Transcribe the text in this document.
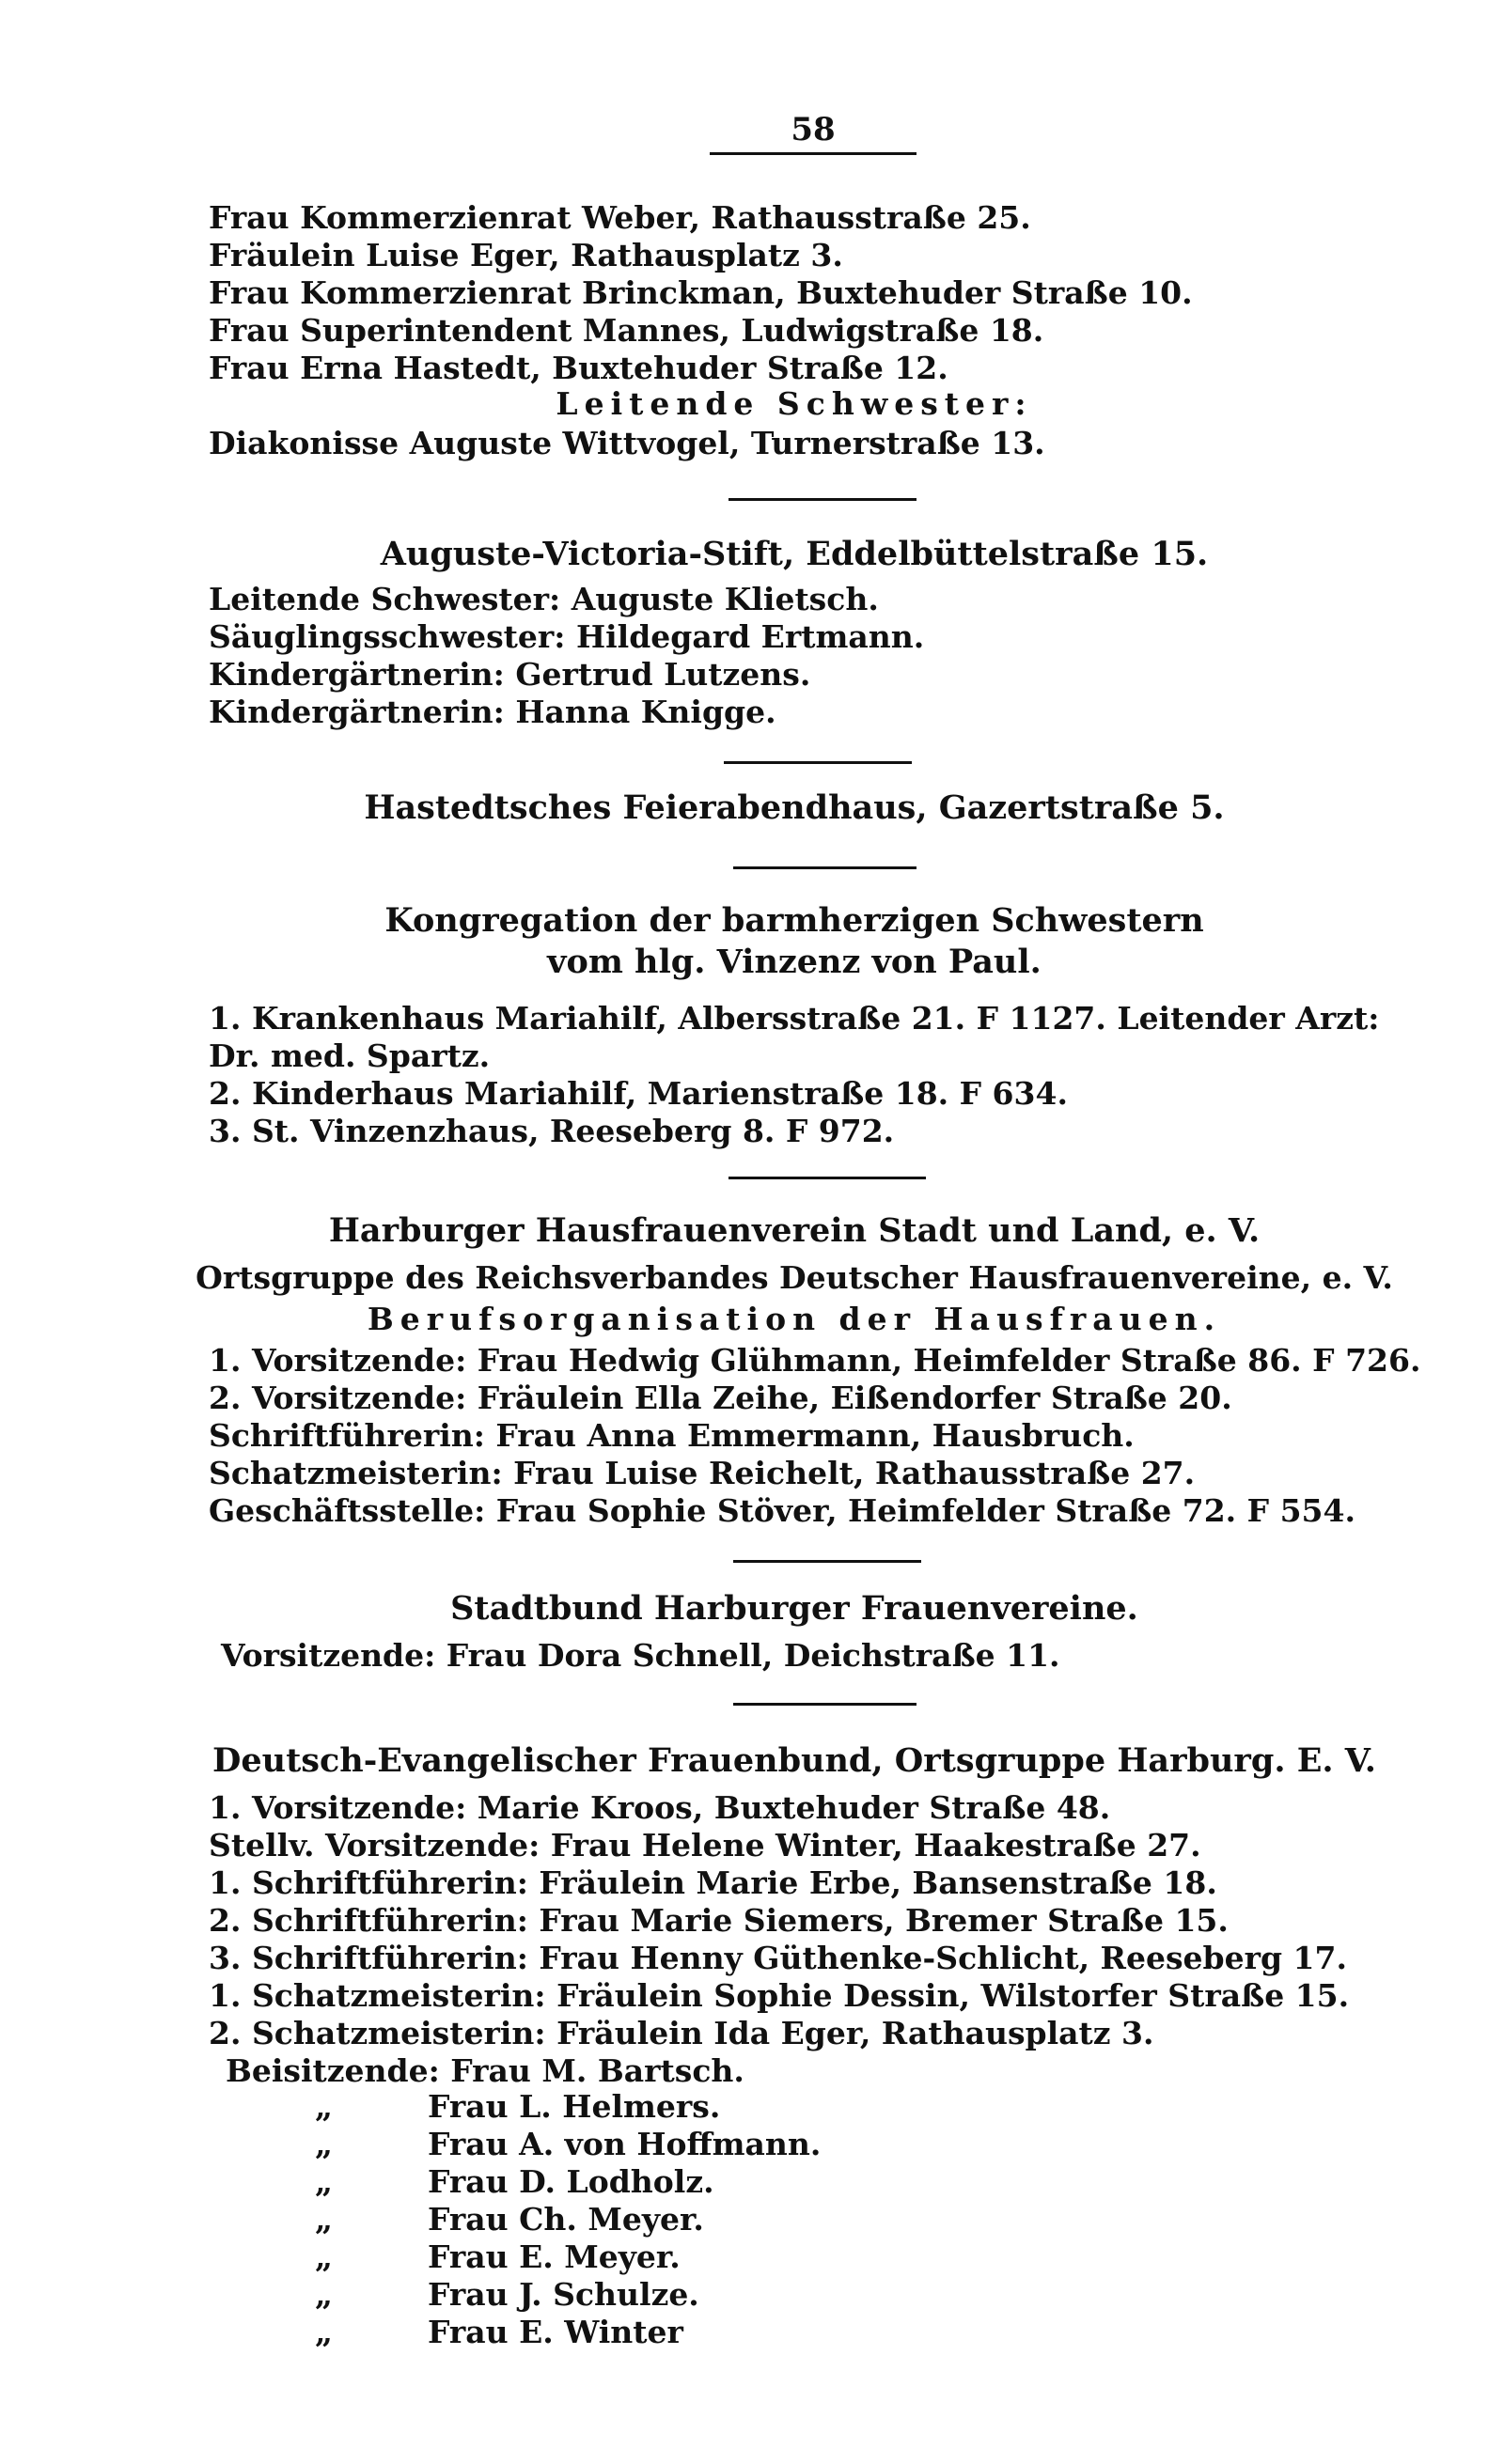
58
Frau Kommerzienrat Weber, Rathausstraße 25.
Fräulein Luise Eger, Rathausplatz 3.
Frau Kommerzienrat Brinckman, Buxtehuder Straße 10.
Frau Superintendent Mannes, Ludwigstraße 18.
Frau Erna Hastedt, Buxtehuder Straße 12.
Leitende Schwester:
Diakonisse Auguste Wittvogel, Turnerstraße 13.
Auguste-Victoria-Stift, Eddelbüttelstraße 15.
Leitende Schwester: Auguste Klietsch.
Säuglingsschwester: Hildegard Ertmann.
Kindergärtnerin: Gertrud Lutzens.
Kindergärtnerin: Hanna Knigge.
Hastedtsches Feierabendhaus, Gazertstraße 5.
Kongregation der barmherzigen Schwestern
vom hlg. Vinzenz von Paul.
1. Krankenhaus Mariahilf, Albersstraße 21. F 1127. Leitender Arzt:
Dr. med. Spartz.
2. Kinderhaus Mariahilf, Marienstraße 18. F 634.
3. St. Vinzenzhaus, Reeseberg 8. F 972.
Harburger Hausfrauenverein Stadt und Land, e. V.
Ortsgruppe des Reichsverbandes Deutscher Hausfrauenvereine, e. V.
Berufsorganisation der Hausfrauen.
1. Vorsitzende: Frau Hedwig Glühmann, Heimfelder Straße 86. F 726.
2. Vorsitzende: Fräulein Ella Zeihe, Eißendorfer Straße 20.
Schriftführerin: Frau Anna Emmermann, Hausbruch.
Schatzmeisterin: Frau Luise Reichelt, Rathausstraße 27.
Geschäftsstelle: Frau Sophie Stöver, Heimfelder Straße 72. F 554.
Stadtbund Harburger Frauenvereine.
Vorsitzende: Frau Dora Schnell, Deichstraße 11.
Deutsch-Evangelischer Frauenbund, Ortsgruppe Harburg. E. V.
1. Vorsitzende: Marie Kroos, Buxtehuder Straße 48.
Stellv. Vorsitzende: Frau Helene Winter, Haakestraße 27.
1. Schriftführerin: Fräulein Marie Erbe, Bansenstraße 18.
2. Schriftführerin: Frau Marie Siemers, Bremer Straße 15.
3. Schriftführerin: Frau Henny Güthenke-Schlicht, Reeseberg 17.
1. Schatzmeisterin: Fräulein Sophie Dessin, Wilstorfer Straße 15.
2. Schatzmeisterin: Fräulein Ida Eger, Rathausplatz 3.
Beisitzende: Frau M. Bartsch.
„	Frau L. Helmers.
„	Frau A. von Hoffmann.
„	Frau D. Lodholz.
„	Frau Ch. Meyer.
„	Frau E. Meyer.
„	Frau J. Schulze.
„	Frau E. Winter
